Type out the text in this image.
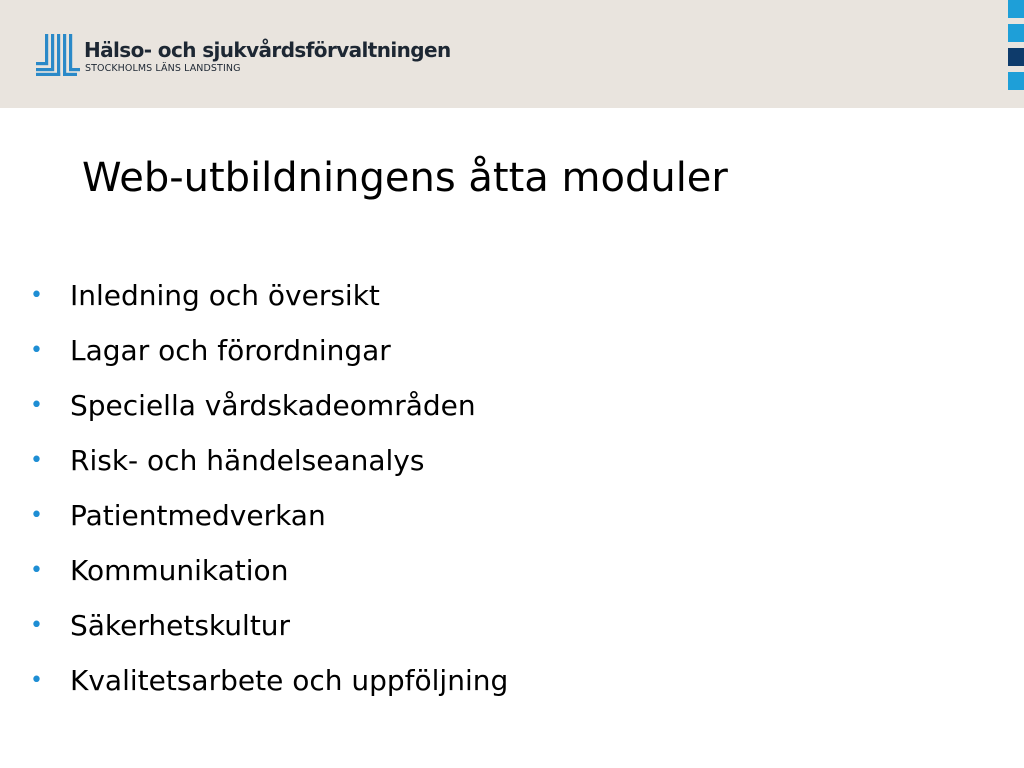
Hälso- och sjukvårdsförvaltningen
STOCKHOLMS LÄNS LANDSTING
Web-utbildningens åtta moduler
• Inledning och översikt
• Lagar och förordningar
• Speciella vårdskadeområden
• Risk- och händelseanalys
• Patientmedverkan
• Kommunikation
• Säkerhetskultur
• Kvalitetsarbete och uppföljning
